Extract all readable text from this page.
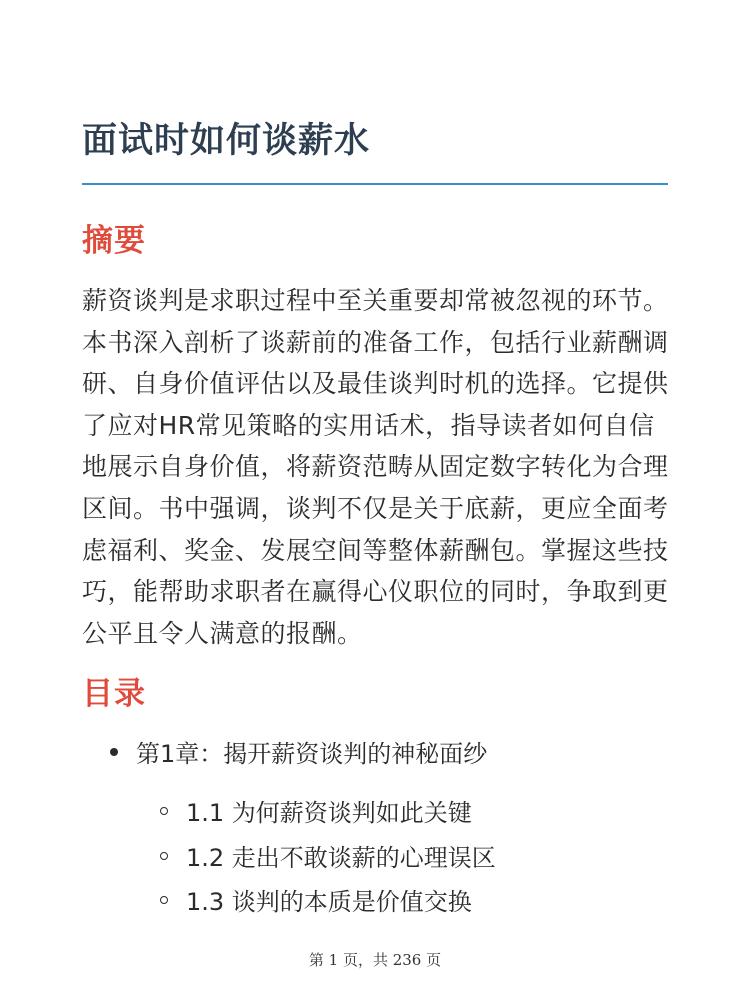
面试时如何谈薪水
摘要

薪资谈判是求职过程中至关重要却常被忽视的环节。本书深入剖析了谈薪前的准备工作，包括行业薪酬调研、自身价值评估以及最佳谈判时机的选择。它提供了应对HR常见策略的实用话术，指导读者如何自信地展示自身价值，将薪资范畴从固定数字转化为合理区间。书中强调，谈判不仅是关于底薪，更应全面考虑福利、奖金、发展空间等整体薪酬包。掌握这些技巧，能帮助求职者在赢得心仪职位的同时，争取到更公平且令人满意的报酬。

目录
第1章：揭开薪资谈判的神秘面纱
1.1 为何薪资谈判如此关键
1.2 走出不敢谈薪的心理误区
1.3 谈判的本质是价值交换
第 1 页，共 236 页
